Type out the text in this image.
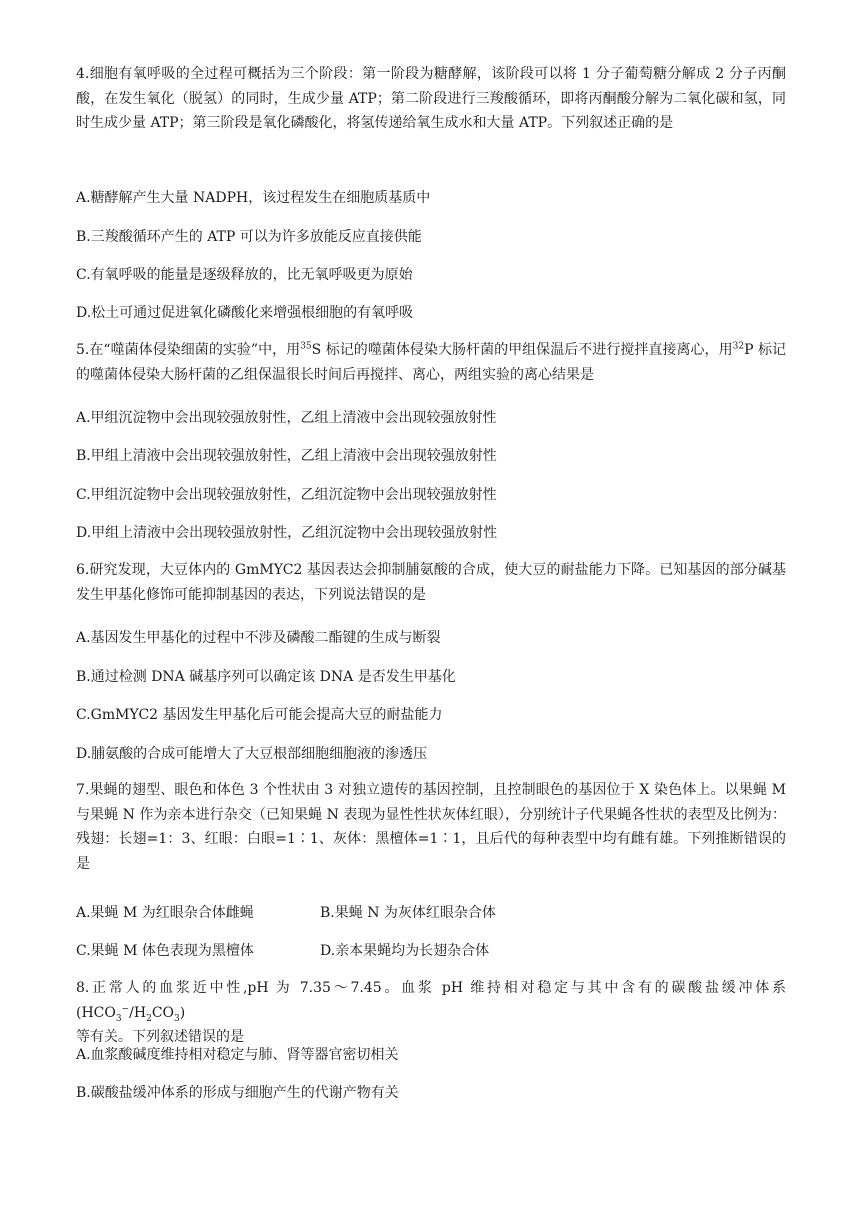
4.细胞有氧呼吸的全过程可概括为三个阶段：第一阶段为糖酵解，该阶段可以将 1 分子葡萄糖分解成 2 分子丙酮酸，在发生氧化（脱氢）的同时，生成少量 ATP；第二阶段进行三羧酸循环，即将丙酮酸分解为二氧化碳和氢，同时生成少量 ATP；第三阶段是氧化磷酸化，将氢传递给氧生成水和大量 ATP。下列叙述正确的是
A.糖酵解产生大量 NADPH，该过程发生在细胞质基质中
B.三羧酸循环产生的 ATP 可以为许多放能反应直接供能
C.有氧呼吸的能量是逐级释放的，比无氧呼吸更为原始
D.松土可通过促进氧化磷酸化来增强根细胞的有氧呼吸
5.在“噬菌体侵染细菌的实验”中，用$^{35}$S 标记的噬菌体侵染大肠杆菌的甲组保温后不进行搅拌直接离心，用$^{32}$P 标记的噬菌体侵染大肠杆菌的乙组保温很长时间后再搅拌、离心，两组实验的离心结果是
A.甲组沉淀物中会出现较强放射性，乙组上清液中会出现较强放射性
B.甲组上清液中会出现较强放射性，乙组上清液中会出现较强放射性
C.甲组沉淀物中会出现较强放射性，乙组沉淀物中会出现较强放射性
D.甲组上清液中会出现较强放射性，乙组沉淀物中会出现较强放射性
6.研究发现，大豆体内的 GmMYC2 基因表达会抑制脯氨酸的合成，使大豆的耐盐能力下降。已知基因的部分碱基发生甲基化修饰可能抑制基因的表达，下列说法错误的是
A.基因发生甲基化的过程中不涉及磷酸二酯键的生成与断裂
B.通过检测 DNA 碱基序列可以确定该 DNA 是否发生甲基化
C.GmMYC2 基因发生甲基化后可能会提高大豆的耐盐能力
D.脯氨酸的合成可能增大了大豆根部细胞细胞液的渗透压
7.果蝇的翅型、眼色和体色 3 个性状由 3 对独立遗传的基因控制，且控制眼色的基因位于 X 染色体上。以果蝇 M 与果蝇 N 作为亲本进行杂交（已知果蝇 N 表现为显性性状灰体红眼），分别统计子代果蝇各性状的表型及比例为：残翅：长翅=1：3、红眼：白眼=1∶1、灰体：黑檀体=1∶1，且后代的每种表型中均有雌有雄。下列推断错误的是
A.果蝇 M 为红眼杂合体雌蝇	B.果蝇 N 为灰体红眼杂合体
C.果蝇 M 体色表现为黑檀体	D.亲本果蝇均为长翅杂合体
8.正常人的血浆近中性,pH 为 7.35～7.45。血浆 pH 维持相对稳定与其中含有的碳酸盐缓冲体系$(HCO_3^-/H_2CO_3)$
等有关。下列叙述错误的是
A.血浆酸碱度维持相对稳定与肺、肾等器官密切相关
B.碳酸盐缓冲体系的形成与细胞产生的代谢产物有关
